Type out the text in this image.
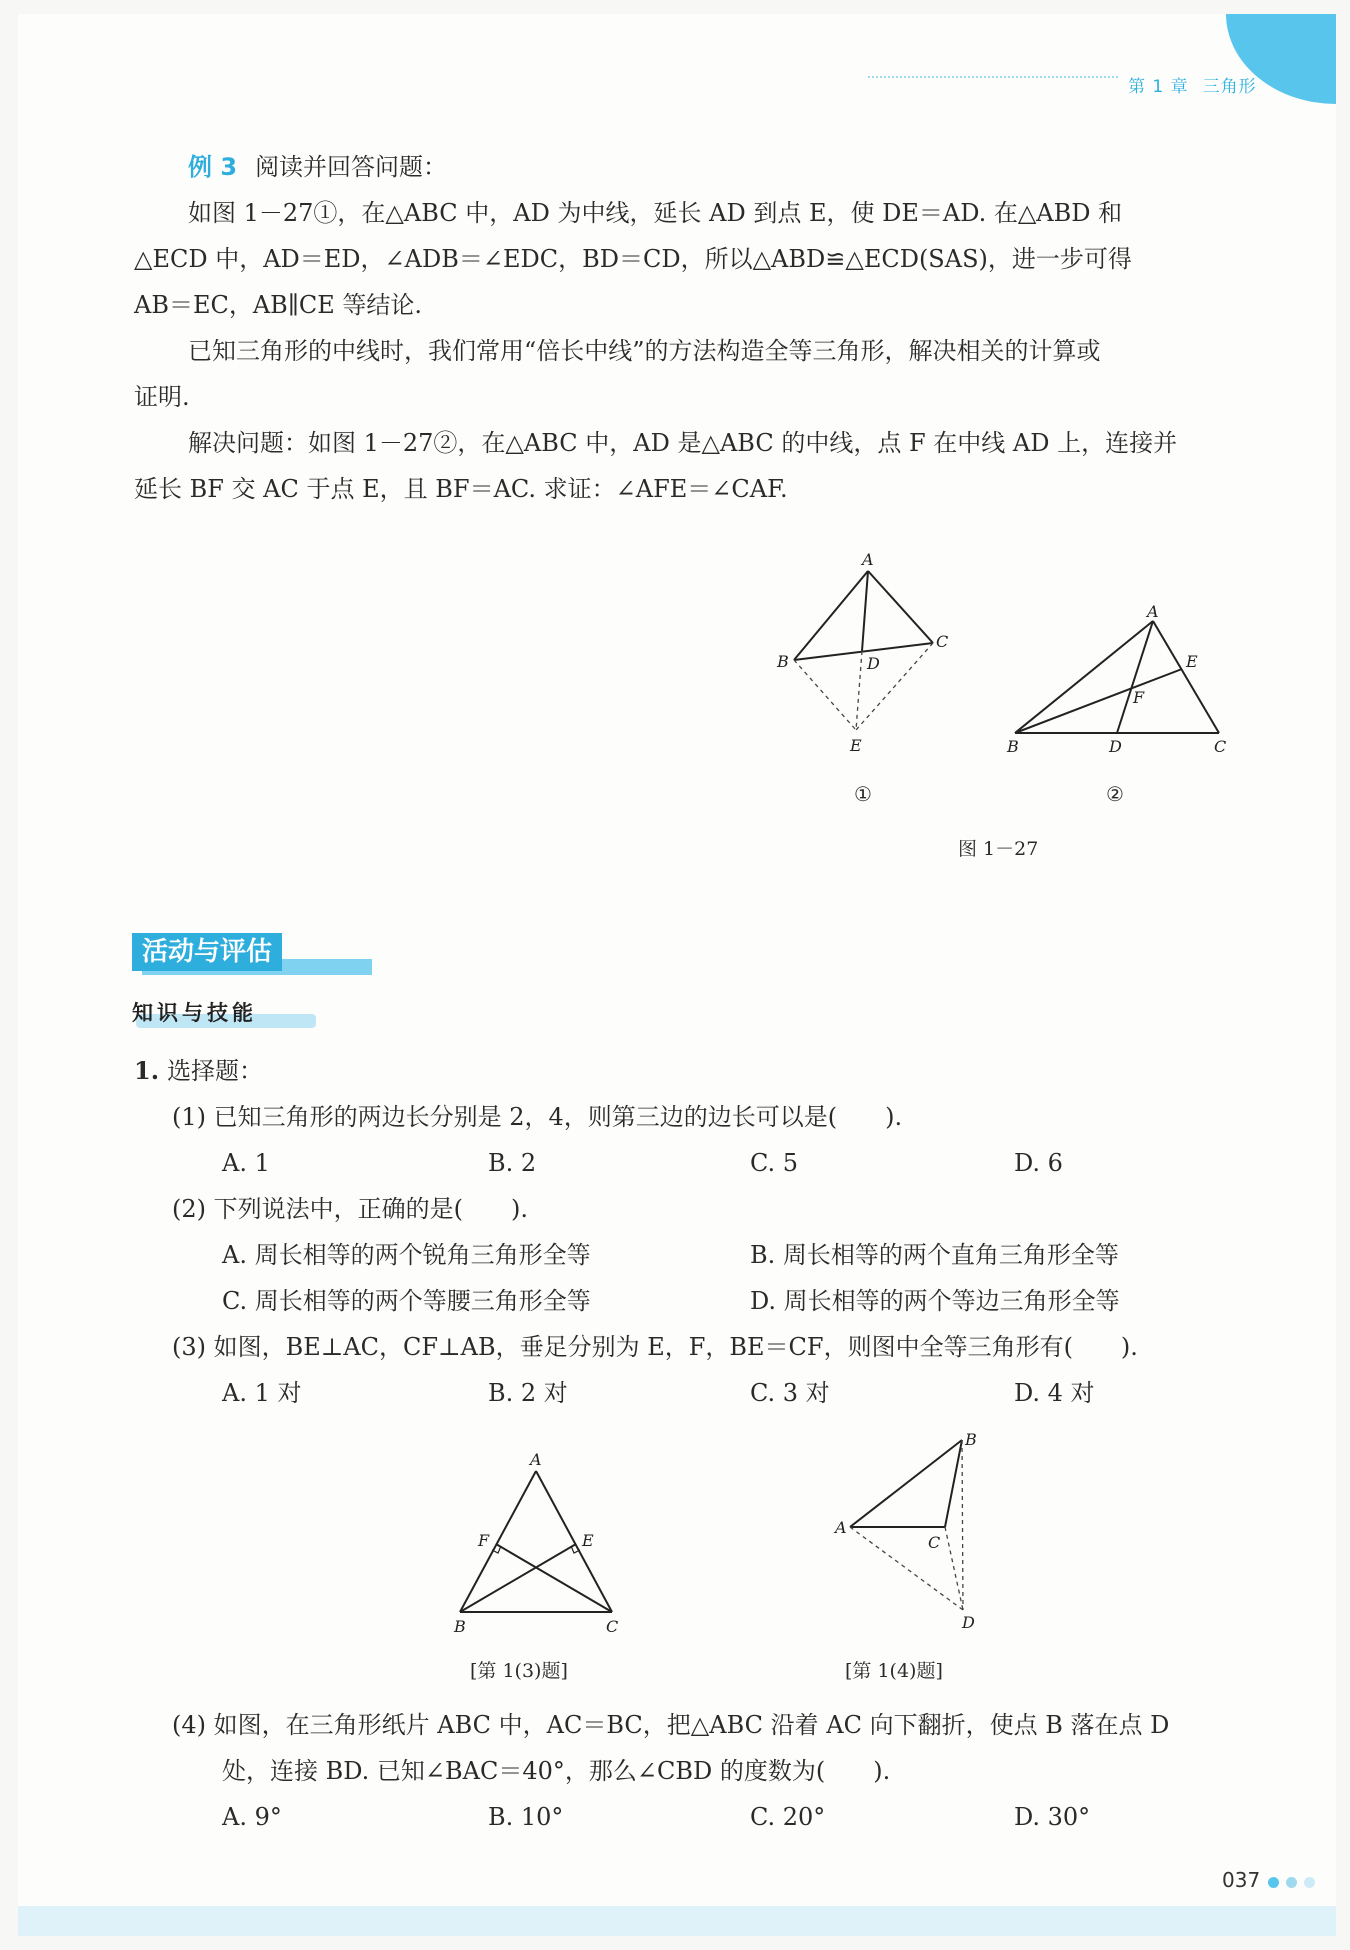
第 1 章 三角形
例 3 阅读并回答问题：
如图 1－27①，在△ABC 中，AD 为中线，延长 AD 到点 E，使 DE＝AD. 在△ABD 和
△ECD 中，AD＝ED，∠ADB＝∠EDC，BD＝CD，所以△ABD≌△ECD(SAS)，进一步可得
AB＝EC，AB∥CE 等结论.
已知三角形的中线时，我们常用“倍长中线”的方法构造全等三角形，解决相关的计算或
证明.
解决问题：如图 1－27②，在△ABC 中，AD 是△ABC 的中线，点 F 在中线 AD 上，连接并
延长 BF 交 AC 于点 E，且 BF＝AC. 求证：∠AFE＝∠CAF.
A
B
C
D
E
A
B	C
D
E
F
①	②
图 1－27
活动与评估
知识与技能
1. 选择题：
(1) 已知三角形的两边长分别是 2，4，则第三边的边长可以是(　　).
A. 1	B. 2	C. 5	D. 6
(2) 下列说法中，正确的是(　　).
A. 周长相等的两个锐角三角形全等	B. 周长相等的两个直角三角形全等
C. 周长相等的两个等腰三角形全等	D. 周长相等的两个等边三角形全等
(3) 如图，BE⊥AC，CF⊥AB，垂足分别为 E，F，BE＝CF，则图中全等三角形有(　　).
A. 1 对	B. 2 对	C. 3 对	D. 4 对
A
B	C
E
F
B
A
C
D
[第 1(3)题]	[第 1(4)题]
(4) 如图，在三角形纸片 ABC 中，AC＝BC，把△ABC 沿着 AC 向下翻折，使点 B 落在点 D
处，连接 BD. 已知∠BAC＝40°，那么∠CBD 的度数为(　　).
A. 9°	B. 10°	C. 20°	D. 30°
037
